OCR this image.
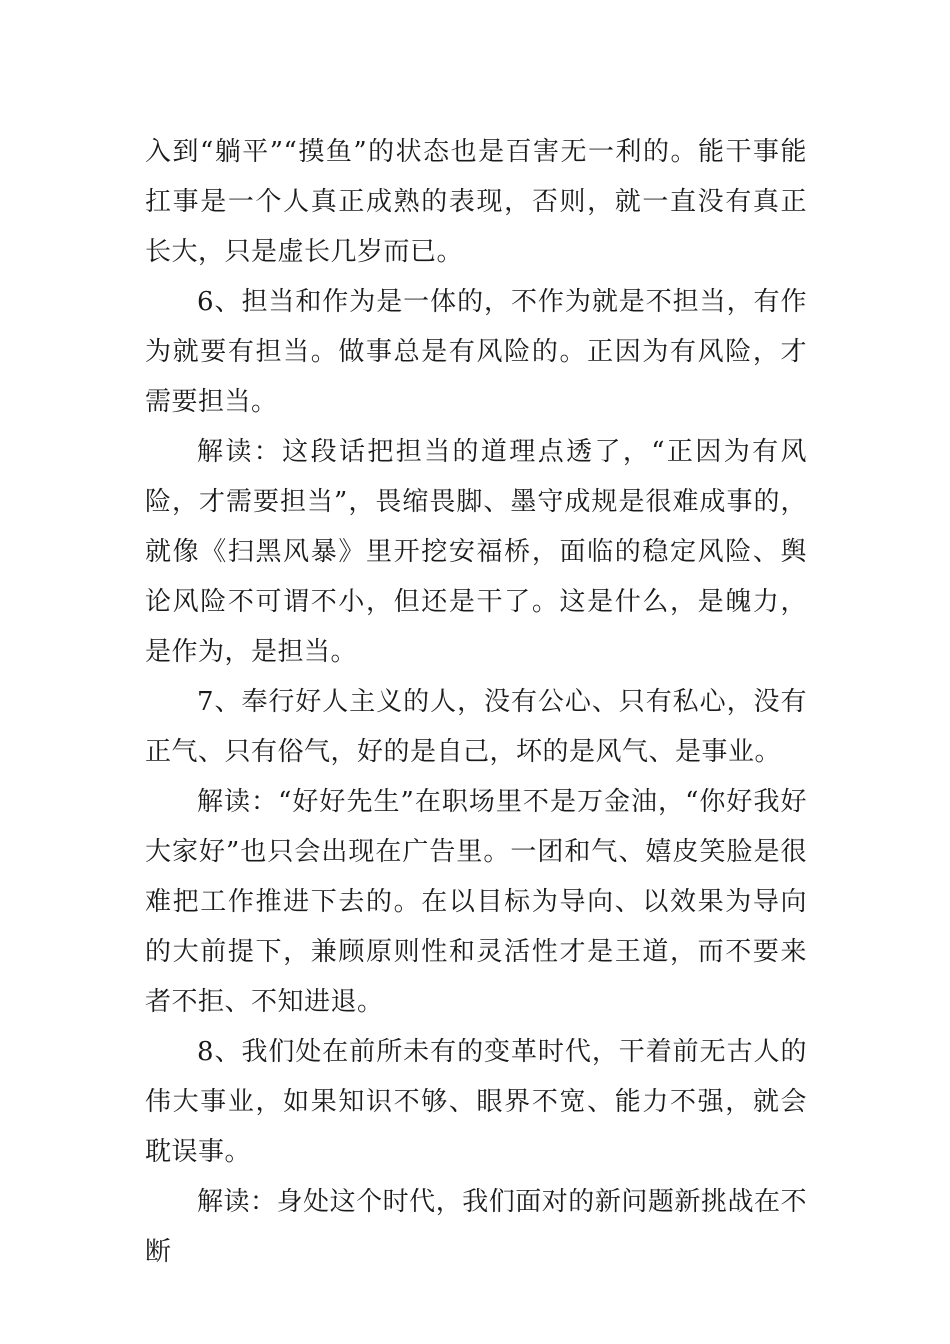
入到“躺平”“摸鱼”的状态也是百害无一利的。能干事能扛事是一个人真正成熟的表现，否则，就一直没有真正长大，只是虚长几岁而已。

6、担当和作为是一体的，不作为就是不担当，有作为就要有担当。做事总是有风险的。正因为有风险，才需要担当。

解读：这段话把担当的道理点透了，“正因为有风险，才需要担当”，畏缩畏脚、墨守成规是很难成事的，就像《扫黑风暴》里开挖安福桥，面临的稳定风险、舆论风险不可谓不小，但还是干了。这是什么，是魄力，是作为，是担当。

7、奉行好人主义的人，没有公心、只有私心，没有正气、只有俗气，好的是自己，坏的是风气、是事业。

解读：“好好先生”在职场里不是万金油，“你好我好大家好”也只会出现在广告里。一团和气、嬉皮笑脸是很难把工作推进下去的。在以目标为导向、以效果为导向的大前提下，兼顾原则性和灵活性才是王道，而不要来者不拒、不知进退。

8、我们处在前所未有的变革时代，干着前无古人的伟大事业，如果知识不够、眼界不宽、能力不强，就会耽误事。

解读：身处这个时代，我们面对的新问题新挑战在不断
